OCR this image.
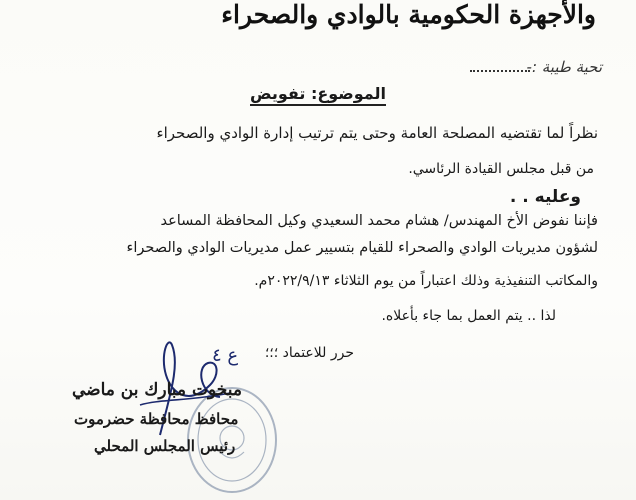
والأجهزة الحكومية بالوادي والصحراء
تحية طيبة :-
الموضوع: تفويض
نظراً لما تقتضيه المصلحة العامة وحتى يتم ترتيب إدارة الوادي والصحراء
من قبل مجلس القيادة الرئاسي.
وعليه . .
فإننا نفوض الأخ المهندس/ هشام محمد السعيدي وكيل المحافظة المساعد
لشؤون مديريات الوادي والصحراء للقيام بتسيير عمل مديريات الوادي والصحراء
والمكاتب التنفيذية وذلك اعتباراً من يوم الثلاثاء ٢٠٢٢/٩/١٣م.
لذا .. يتم العمل بما جاء بأعلاه.
حرر للاعتماد ؛؛؛
ع ٤
مبخوت مبارك بن ماضي
محافظ محافظة حضرموت
رئيس المجلس المحلي
